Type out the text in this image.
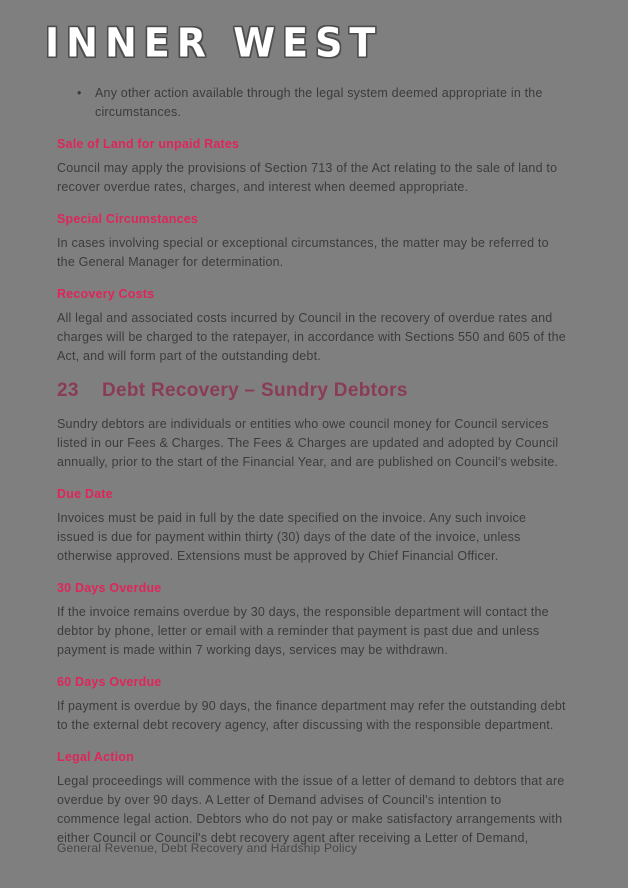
INNER WEST
• Any other action available through the legal system deemed appropriate in the circumstances.
Sale of Land for unpaid Rates

Council may apply the provisions of Section 713 of the Act relating to the sale of land to recover overdue rates, charges, and interest when deemed appropriate.

Special Circumstances

In cases involving special or exceptional circumstances, the matter may be referred to the General Manager for determination.

Recovery Costs

All legal and associated costs incurred by Council in the recovery of overdue rates and charges will be charged to the ratepayer, in accordance with Sections 550 and 605 of the Act, and will form part of the outstanding debt.

23	Debt Recovery – Sundry Debtors

Sundry debtors are individuals or entities who owe council money for Council services listed in our Fees & Charges. The Fees & Charges are updated and adopted by Council annually, prior to the start of the Financial Year, and are published on Council's website.

Due Date

Invoices must be paid in full by the date specified on the invoice. Any such invoice issued is due for payment within thirty (30) days of the date of the invoice, unless otherwise approved. Extensions must be approved by Chief Financial Officer.

30 Days Overdue

If the invoice remains overdue by 30 days, the responsible department will contact the debtor by phone, letter or email with a reminder that payment is past due and unless payment is made within 7 working days, services may be withdrawn.

60 Days Overdue

If payment is overdue by 90 days, the finance department may refer the outstanding debt to the external debt recovery agency, after discussing with the responsible department.

Legal Action

Legal proceedings will commence with the issue of a letter of demand to debtors that are overdue by over 90 days. A Letter of Demand advises of Council's intention to commence legal action. Debtors who do not pay or make satisfactory arrangements with either Council or Council's debt recovery agent after receiving a Letter of Demand,

General Revenue, Debt Recovery and Hardship Policy
